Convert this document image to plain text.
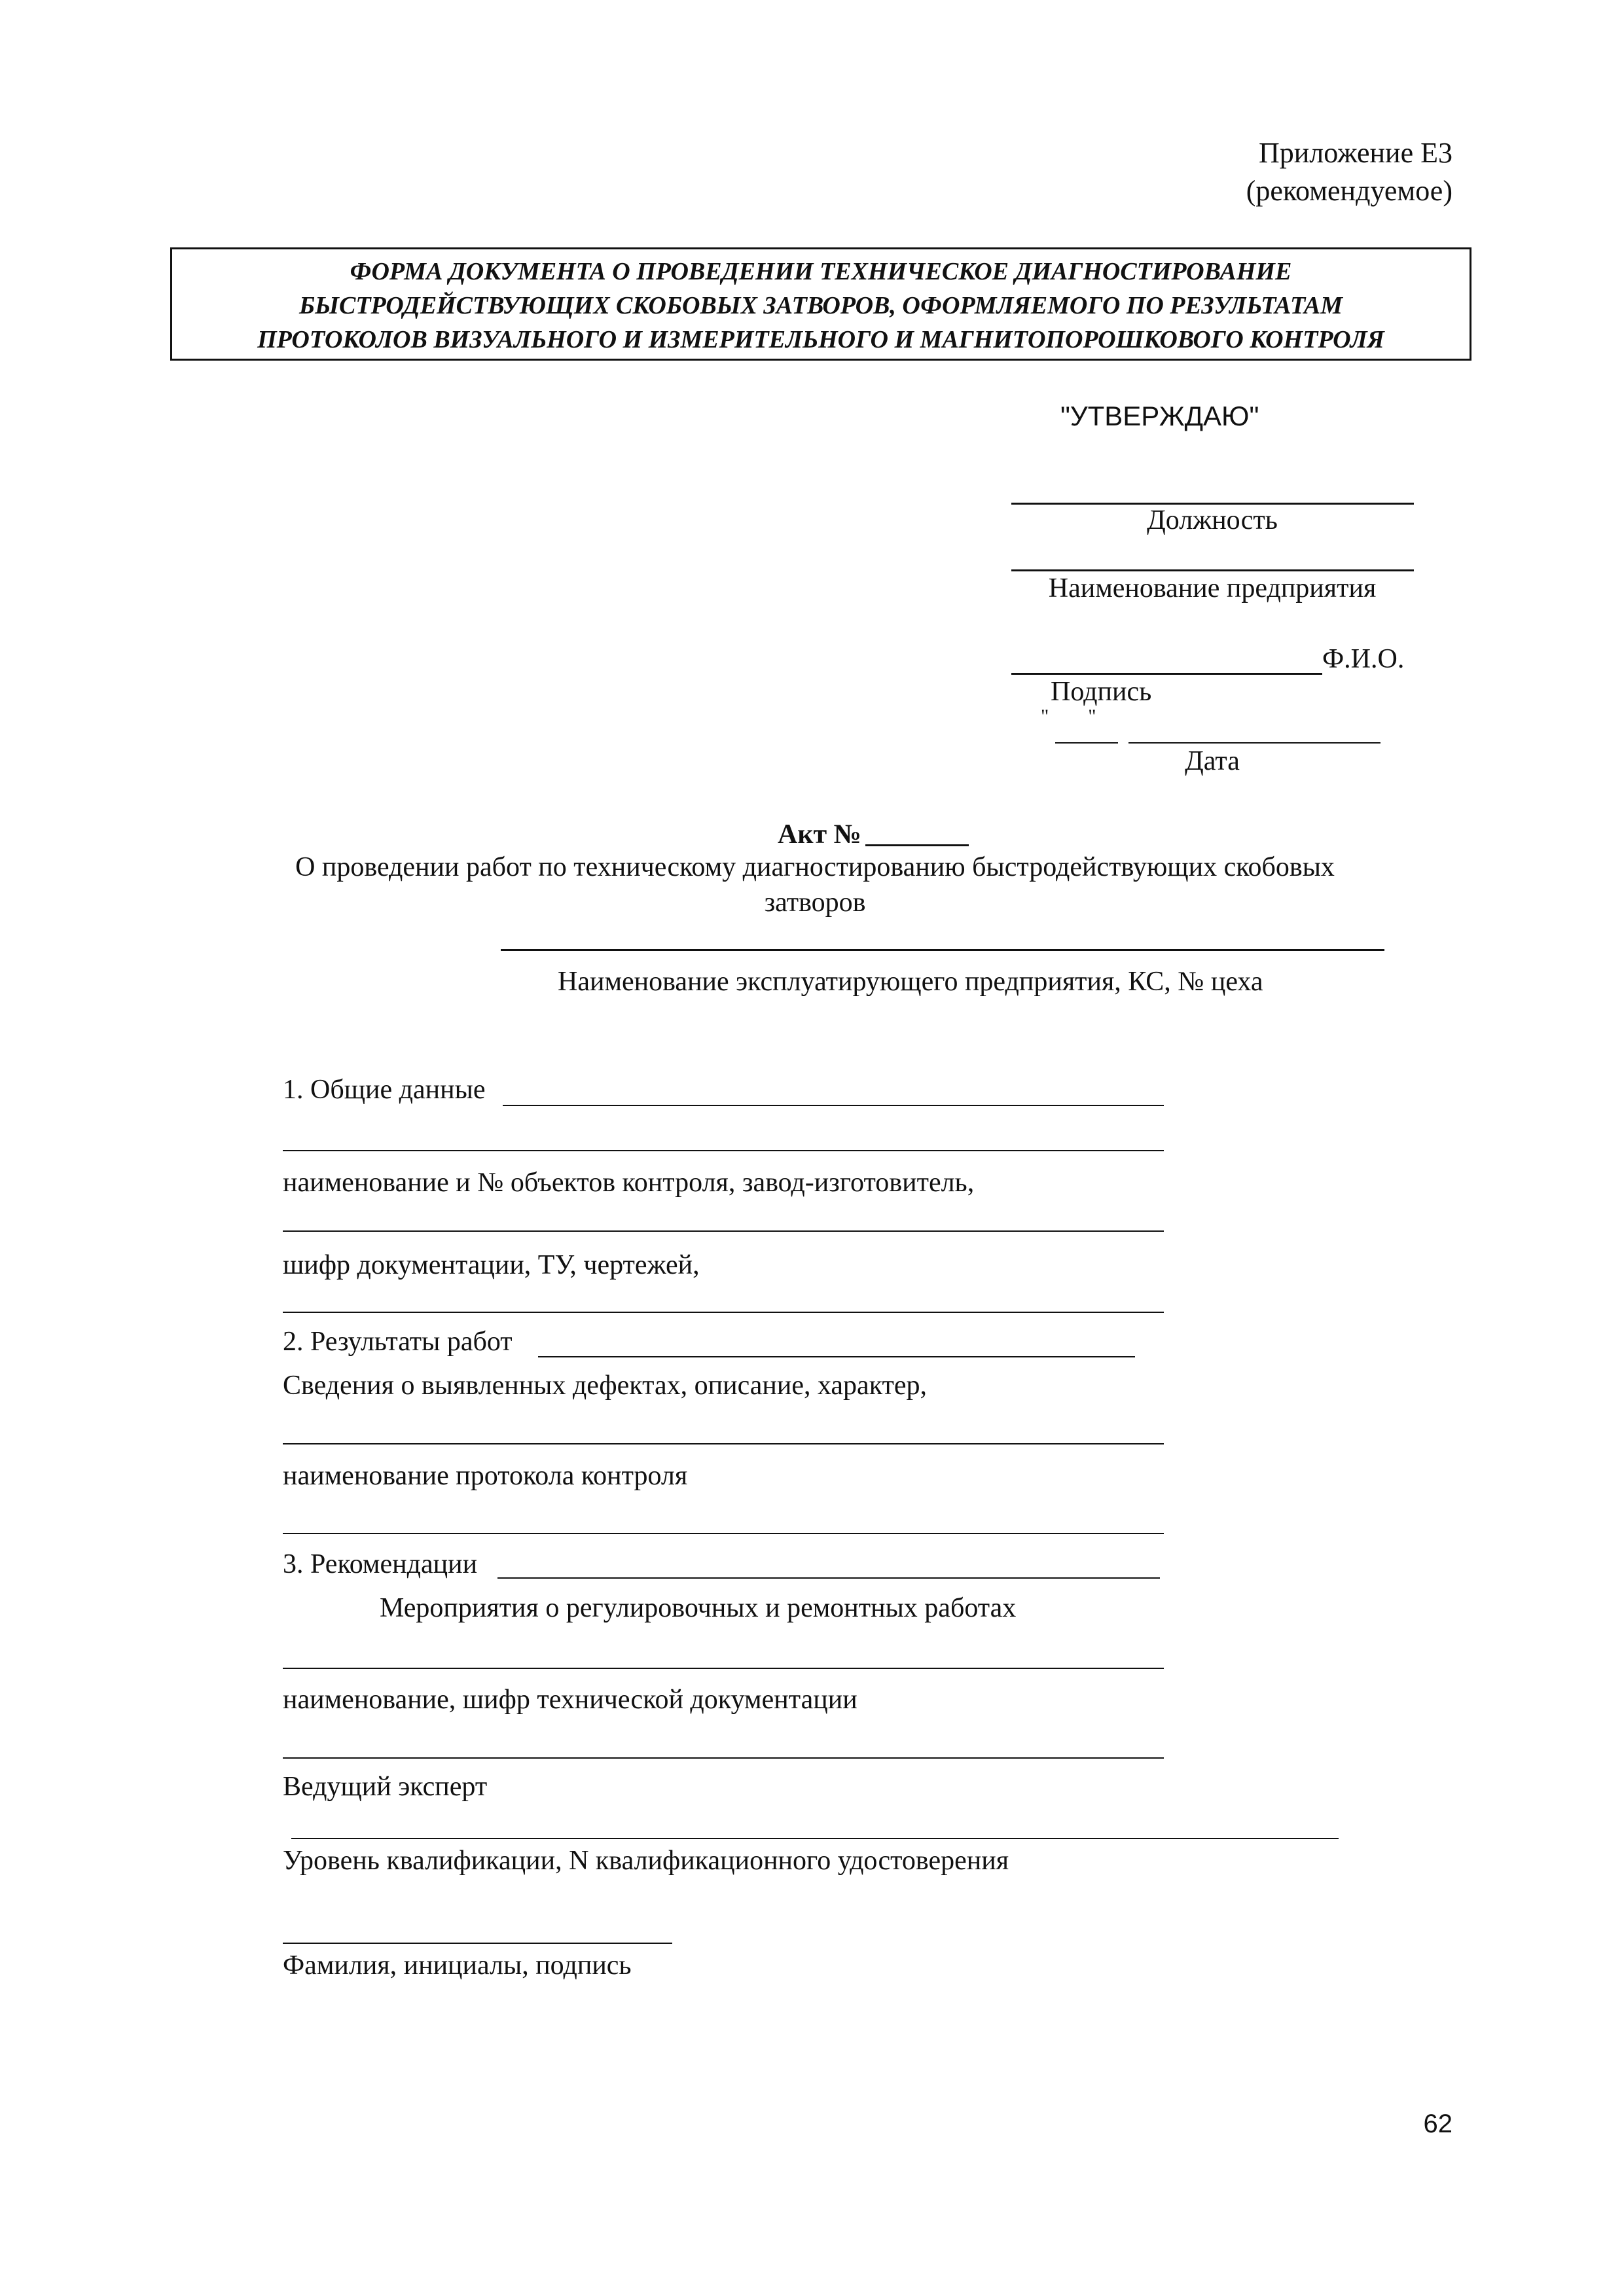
Приложение Е3
(рекомендуемое)
ФОРМА ДОКУМЕНТА О ПРОВЕДЕНИИ ТЕХНИЧЕСКОЕ ДИАГНОСТИРОВАНИЕ
БЫСТРОДЕЙСТВУЮЩИХ СКОБОВЫХ ЗАТВОРОВ, ОФОРМЛЯЕМОГО ПО РЕЗУЛЬТАТАМ
ПРОТОКОЛОВ ВИЗУАЛЬНОГО И ИЗМЕРИТЕЛЬНОГО И МАГНИТОПОРОШКОВОГО КОНТРОЛЯ
"УТВЕРЖДАЮ"
Должность
Наименование предприятия
Ф.И.О.
Подпись
"        "
Дата
Акт №
О проведении работ по техническому диагностированию быстродействующих скобовых
затворов
Наименование эксплуатирующего предприятия, КС, № цеха
1. Общие данные
наименование и № объектов контроля, завод-изготовитель,
шифр документации, ТУ, чертежей,
2. Результаты работ
Сведения о выявленных дефектах, описание, характер,
наименование протокола контроля
3. Рекомендации
Мероприятия о регулировочных и ремонтных работах
наименование, шифр технической документации
Ведущий эксперт
Уровень квалификации, N квалификационного удостоверения
Фамилия, инициалы, подпись
62
